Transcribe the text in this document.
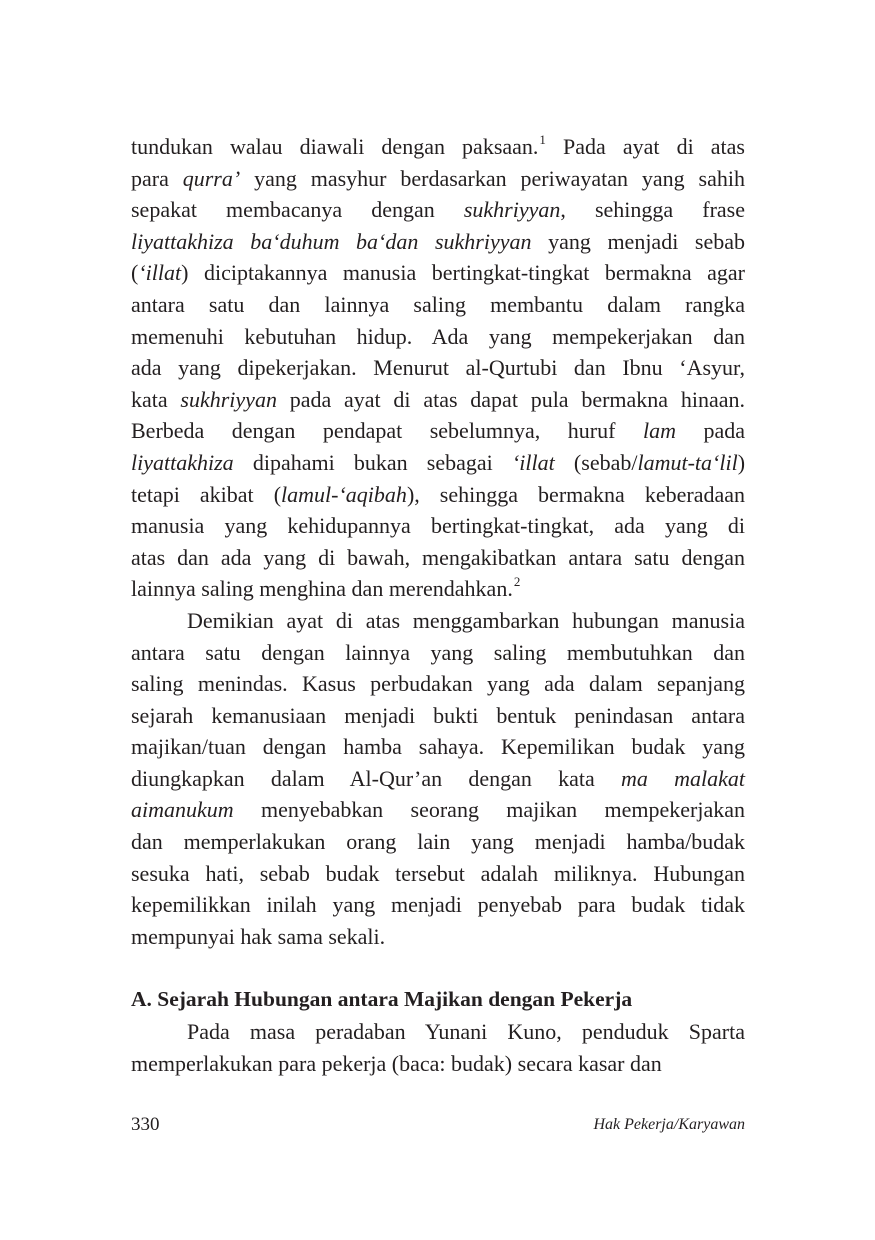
tundukan walau diawali dengan paksaan.$^1$ Pada ayat di atas
para qurra’ yang masyhur berdasarkan periwayatan yang sahih
sepakat membacanya dengan sukhriyyan, sehingga frase
liyattakhiza ba‘duhum ba‘dan sukhriyyan yang menjadi sebab
(‘illat) diciptakannya manusia bertingkat-tingkat bermakna agar
antara satu dan lainnya saling membantu dalam rangka
memenuhi kebutuhan hidup. Ada yang mempekerjakan dan
ada yang dipekerjakan. Menurut al-Qurtubi dan Ibnu ‘Asyur,
kata sukhriyyan pada ayat di atas dapat pula bermakna hinaan.
Berbeda dengan pendapat sebelumnya, huruf lam pada
liyattakhiza dipahami bukan sebagai ‘illat (sebab/lamut-ta‘lil)
tetapi akibat (lamul-‘aqibah), sehingga bermakna keberadaan
manusia yang kehidupannya bertingkat-tingkat, ada yang di
atas dan ada yang di bawah, mengakibatkan antara satu dengan
lainnya saling menghina dan merendahkan.$^2$
Demikian ayat di atas menggambarkan hubungan manusia
antara satu dengan lainnya yang saling membutuhkan dan
saling menindas. Kasus perbudakan yang ada dalam sepanjang
sejarah kemanusiaan menjadi bukti bentuk penindasan antara
majikan/tuan dengan hamba sahaya. Kepemilikan budak yang
diungkapkan dalam Al-Qur’an dengan kata ma malakat
aimanukum menyebabkan seorang majikan mempekerjakan
dan memperlakukan orang lain yang menjadi hamba/budak
sesuka hati, sebab budak tersebut adalah miliknya. Hubungan
kepemilikkan inilah yang menjadi penyebab para budak tidak
mempunyai hak sama sekali.
A. Sejarah Hubungan antara Majikan dengan Pekerja
Pada masa peradaban Yunani Kuno, penduduk Sparta
memperlakukan para pekerja (baca: budak) secara kasar dan
330	Hak Pekerja/Karyawan
